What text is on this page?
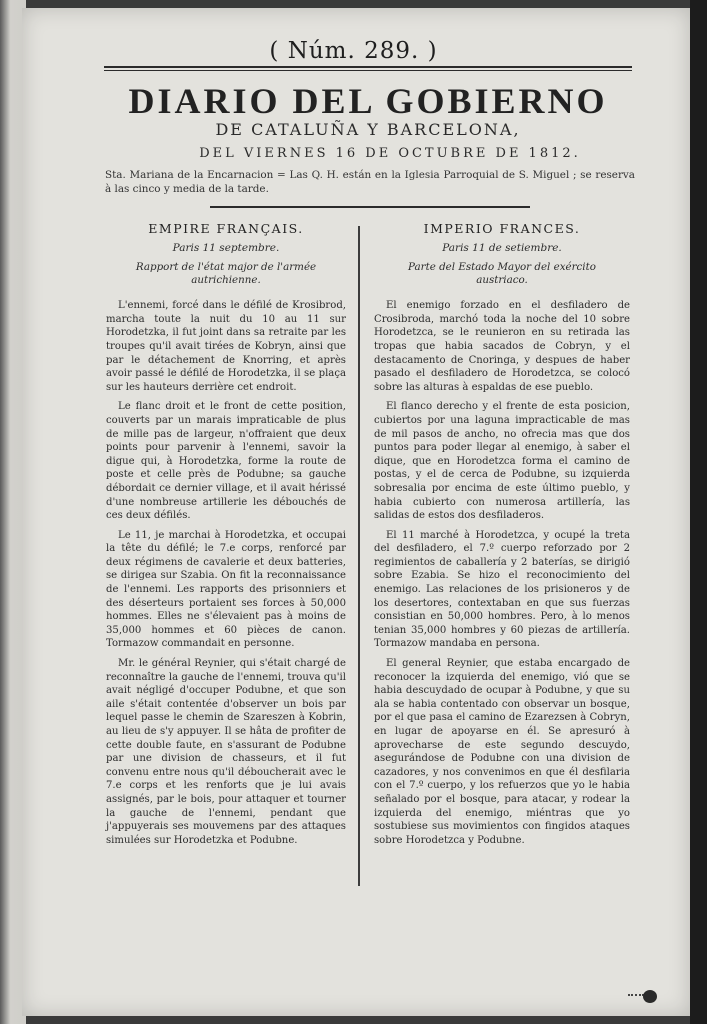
( Núm. 289. )
DIARIO DEL GOBIERNO
DE CATALUÑA Y BARCELONA,
DEL VIERNES 16 DE OCTUBRE DE 1812.
Sta. Mariana de la Encarnacion = Las Q. H. están en la Iglesia Parroquial de S. Miguel ; se reserva à las cinco y media de la tarde.
EMPIRE FRANÇAIS.
Paris 11 septembre.
Rapport de l'état major de l'armée autrichienne.

L'ennemi, forcé dans le défilé de Krosibrod, marcha toute la nuit du 10 au 11 sur Horodetzka, il fut joint dans sa retraite par les troupes qu'il avait tirées de Kobryn, ainsi que par le détachement de Knorring, et après avoir passé le défilé de Horodetzka, il se plaça sur les hauteurs derrière cet endroit.

Le flanc droit et le front de cette position, couverts par un marais impraticable de plus de mille pas de largeur, n'offraient que deux points pour parvenir à l'ennemi, savoir la digue qui, à Horodetzka, forme la route de poste et celle près de Podubne; sa gauche débordait ce dernier village, et il avait hérissé d'une nombreuse artillerie les débouchés de ces deux défilés.

Le 11, je marchai à Horodetzka, et occupai la tête du défilé; le 7.e corps, renforcé par deux régimens de cavalerie et deux batteries, se dirigea sur Szabia. On fit la reconnaissance de l'ennemi. Les rapports des prisonniers et des déserteurs portaient ses forces à 50,000 hommes. Elles ne s'élevaient pas à moins de 35,000 hommes et 60 pièces de canon. Tormazow commandait en personne.

Mr. le général Reynier, qui s'était chargé de reconnaître la gauche de l'ennemi, trouva qu'il avait négligé d'occuper Podubne, et que son aile s'était contentée d'observer un bois par lequel passe le chemin de Szareszen à Kobrin, au lieu de s'y appuyer. Il se hâta de profiter de cette double faute, en s'assurant de Podubne par une division de chasseurs, et il fut convenu entre nous qu'il déboucherait avec le 7.e corps et les renforts que je lui avais assignés, par le bois, pour attaquer et tourner la gauche de l'ennemi, pendant que j'appuyerais ses mouvemens par des attaques simulées sur Horodetzka et Podubne.

IMPERIO FRANCES.
Paris 11 de setiembre.
Parte del Estado Mayor del exército austriaco.

El enemigo forzado en el desfiladero de Crosibroda, marchó toda la noche del 10 sobre Horodetzca, se le reunieron en su retirada las tropas que habia sacados de Cobryn, y el destacamento de Cnoringa, y despues de haber pasado el desfiladero de Horodetzca, se colocó sobre las alturas à espaldas de ese pueblo.

El flanco derecho y el frente de esta posicion, cubiertos por una laguna impracticable de mas de mil pasos de ancho, no ofrecia mas que dos puntos para poder llegar al enemigo, à saber el dique, que en Horodetzca forma el camino de postas, y el de cerca de Podubne, su izquierda sobresalia por encima de este último pueblo, y habia cubierto con numerosa artillería, las salidas de estos dos desfiladeros.

El 11 marché à Horodetzca, y ocupé la treta del desfiladero, el 7.º cuerpo reforzado por 2 regimientos de caballería y 2 baterías, se dirigió sobre Ezabia. Se hizo el reconocimiento del enemigo. Las relaciones de los prisioneros y de los desertores, contextaban en que sus fuerzas consistian en 50,000 hombres. Pero, à lo menos tenian 35,000 hombres y 60 piezas de artillería. Tormazow mandaba en persona.

El general Reynier, que estaba encargado de reconocer la izquierda del enemigo, vió que se habia descuydado de ocupar à Podubne, y que su ala se habia contentado con observar un bosque, por el que pasa el camino de Ezarezsen à Cobryn, en lugar de apoyarse en él. Se apresuró à aprovecharse de este segundo descuydo, asegurándose de Podubne con una division de cazadores, y nos convenimos en que él desfilaria con el 7.º cuerpo, y los refuerzos que yo le habia señalado por el bosque, para atacar, y rodear la izquierda del enemigo, miéntras que yo sostubiese sus movimientos con fingidos ataques sobre Horodetzca y Podubne.
